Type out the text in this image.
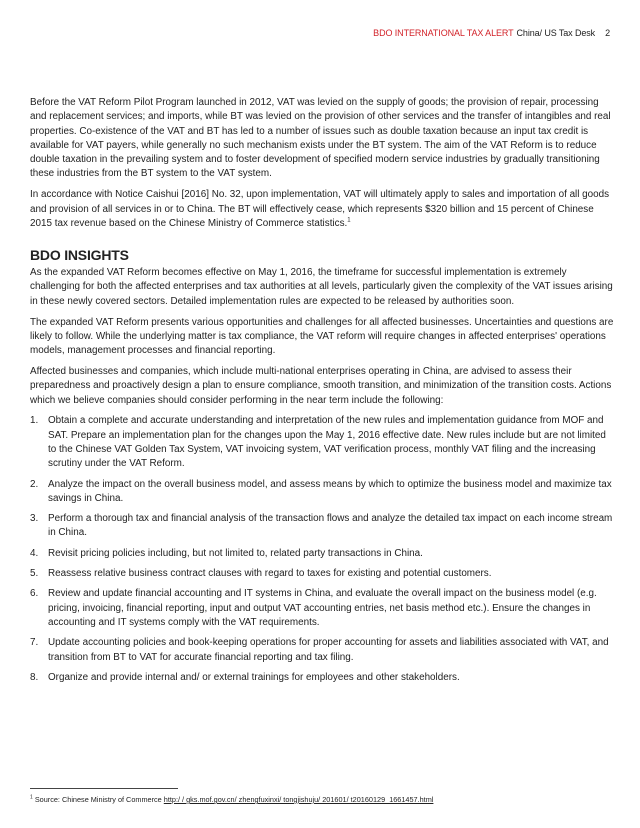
BDO INTERNATIONAL TAX ALERT China/ US Tax Desk 2

Before the VAT Reform Pilot Program launched in 2012, VAT was levied on the supply of goods; the provision of repair, processing and replacement services; and imports, while BT was levied on the provision of other services and the transfer of intangibles and real properties. Co-existence of the VAT and BT has led to a number of issues such as double taxation because an input tax credit is available for VAT payers, while generally no such mechanism exists under the BT system. The aim of the VAT Reform is to reduce double taxation in the prevailing system and to foster development of specified modern service industries by gradually transitioning these industries from the BT system to the VAT system.

In accordance with Notice Caishui [2016] No. 32, upon implementation, VAT will ultimately apply to sales and importation of all goods and provision of all services in or to China. The BT will effectively cease, which represents $320 billion and 15 percent of Chinese 2015 tax revenue based on the Chinese Ministry of Commerce statistics.$^1$

BDO INSIGHTS

As the expanded VAT Reform becomes effective on May 1, 2016, the timeframe for successful implementation is extremely challenging for both the affected enterprises and tax authorities at all levels, particularly given the complexity of the VAT issues arising in these newly covered sectors. Detailed implementation rules are expected to be released by authorities soon.

The expanded VAT Reform presents various opportunities and challenges for all affected businesses. Uncertainties and questions are likely to follow. While the underlying matter is tax compliance, the VAT reform will require changes in affected enterprises' operations models, management processes and financial reporting.

Affected businesses and companies, which include multi-national enterprises operating in China, are advised to assess their preparedness and proactively design a plan to ensure compliance, smooth transition, and minimization of the transition costs. Actions which we believe companies should consider performing in the near term include the following:

1. Obtain a complete and accurate understanding and interpretation of the new rules and implementation guidance from MOF and SAT. Prepare an implementation plan for the changes upon the May 1, 2016 effective date. New rules include but are not limited to the Chinese VAT Golden Tax System, VAT invoicing system, VAT verification process, monthly VAT filing and the increasing scrutiny under the VAT Reform.
2. Analyze the impact on the overall business model, and assess means by which to optimize the business model and maximize tax savings in China.
3. Perform a thorough tax and financial analysis of the transaction flows and analyze the detailed tax impact on each income stream in China.
4. Revisit pricing policies including, but not limited to, related party transactions in China.
5. Reassess relative business contract clauses with regard to taxes for existing and potential customers.
6. Review and update financial accounting and IT systems in China, and evaluate the overall impact on the business model (e.g. pricing, invoicing, financial reporting, input and output VAT accounting entries, net basis method etc.). Ensure the changes in accounting and IT systems comply with the VAT requirements.
7. Update accounting policies and book-keeping operations for proper accounting for assets and liabilities associated with VAT, and transition from BT to VAT for accurate financial reporting and tax filing.
8. Organize and provide internal and/ or external trainings for employees and other stakeholders.
$^1$ Source: Chinese Ministry of Commerce http:/ / gks.mof.gov.cn/ zhengfuxinxi/ tongjishuju/ 201601/ t20160129_1661457.html
